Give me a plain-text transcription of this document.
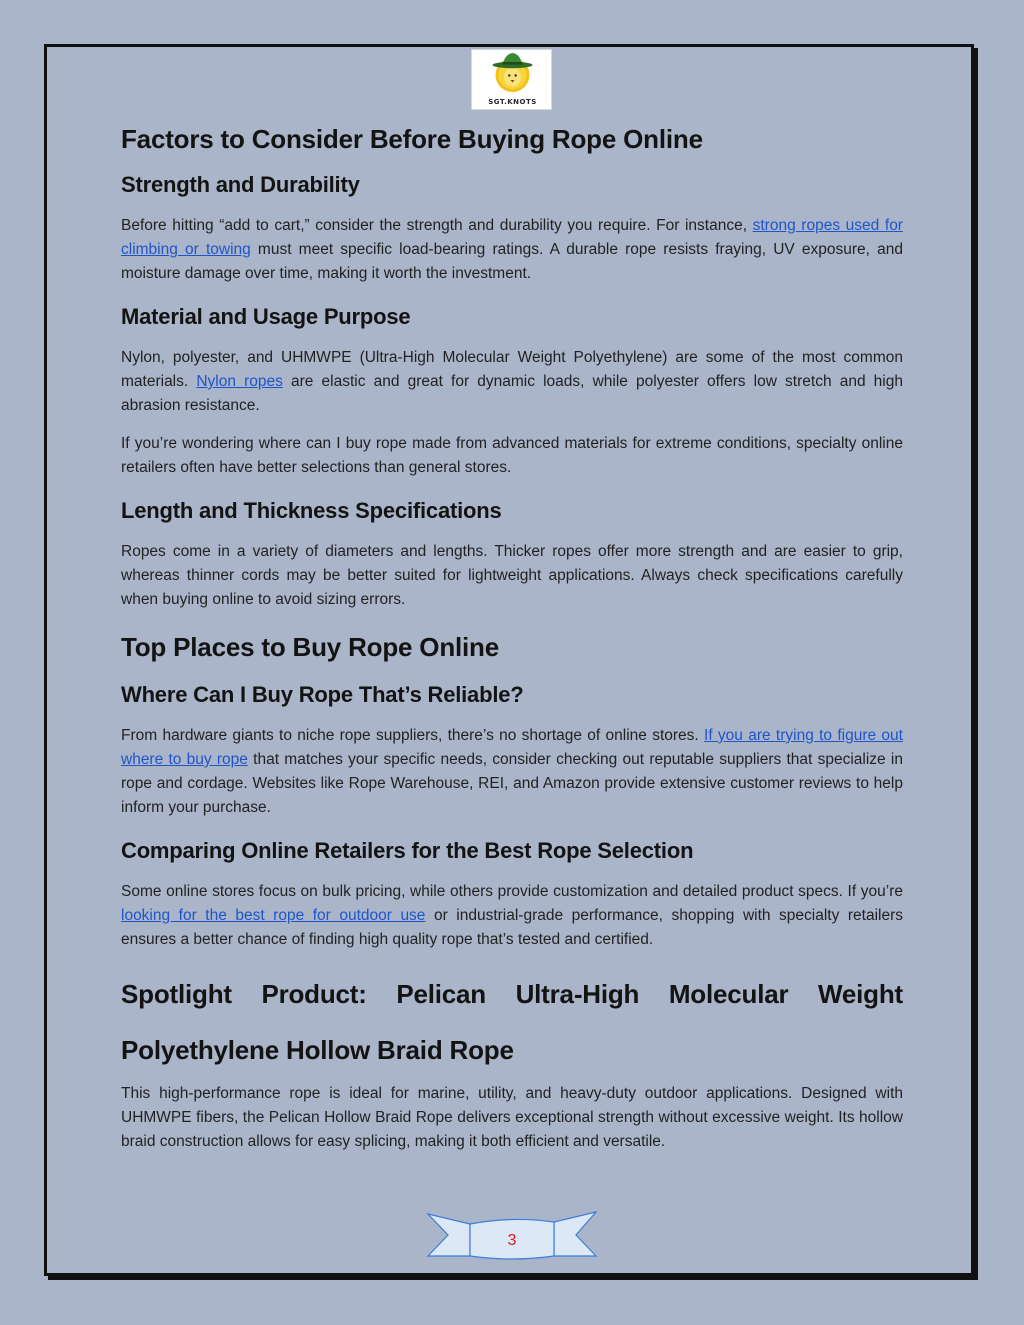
SGT.KNOTS
Factors to Consider Before Buying Rope Online
Strength and Durability

Before hitting “add to cart,” consider the strength and durability you require. For instance, strong ropes used for climbing or towing must meet specific load-bearing ratings. A durable rope resists fraying, UV exposure, and moisture damage over time, making it worth the investment.

Material and Usage Purpose

Nylon, polyester, and UHMWPE (Ultra-High Molecular Weight Polyethylene) are some of the most common materials. Nylon ropes are elastic and great for dynamic loads, while polyester offers low stretch and high abrasion resistance.

If you’re wondering where can I buy rope made from advanced materials for extreme conditions, specialty online retailers often have better selections than general stores.

Length and Thickness Specifications

Ropes come in a variety of diameters and lengths. Thicker ropes offer more strength and are easier to grip, whereas thinner cords may be better suited for lightweight applications. Always check specifications carefully when buying online to avoid sizing errors.

Top Places to Buy Rope Online
Where Can I Buy Rope That’s Reliable?

From hardware giants to niche rope suppliers, there’s no shortage of online stores. If you are trying to figure out where to buy rope that matches your specific needs, consider checking out reputable suppliers that specialize in rope and cordage. Websites like Rope Warehouse, REI, and Amazon provide extensive customer reviews to help inform your purchase.

Comparing Online Retailers for the Best Rope Selection

Some online stores focus on bulk pricing, while others provide customization and detailed product specs. If you’re looking for the best rope for outdoor use or industrial-grade performance, shopping with specialty retailers ensures a better chance of finding high quality rope that’s tested and certified.

Spotlight Product: Pelican Ultra-High Molecular Weight
Polyethylene Hollow Braid Rope

This high-performance rope is ideal for marine, utility, and heavy-duty outdoor applications. Designed with UHMWPE fibers, the Pelican Hollow Braid Rope delivers exceptional strength without excessive weight. Its hollow braid construction allows for easy splicing, making it both efficient and versatile.

3
